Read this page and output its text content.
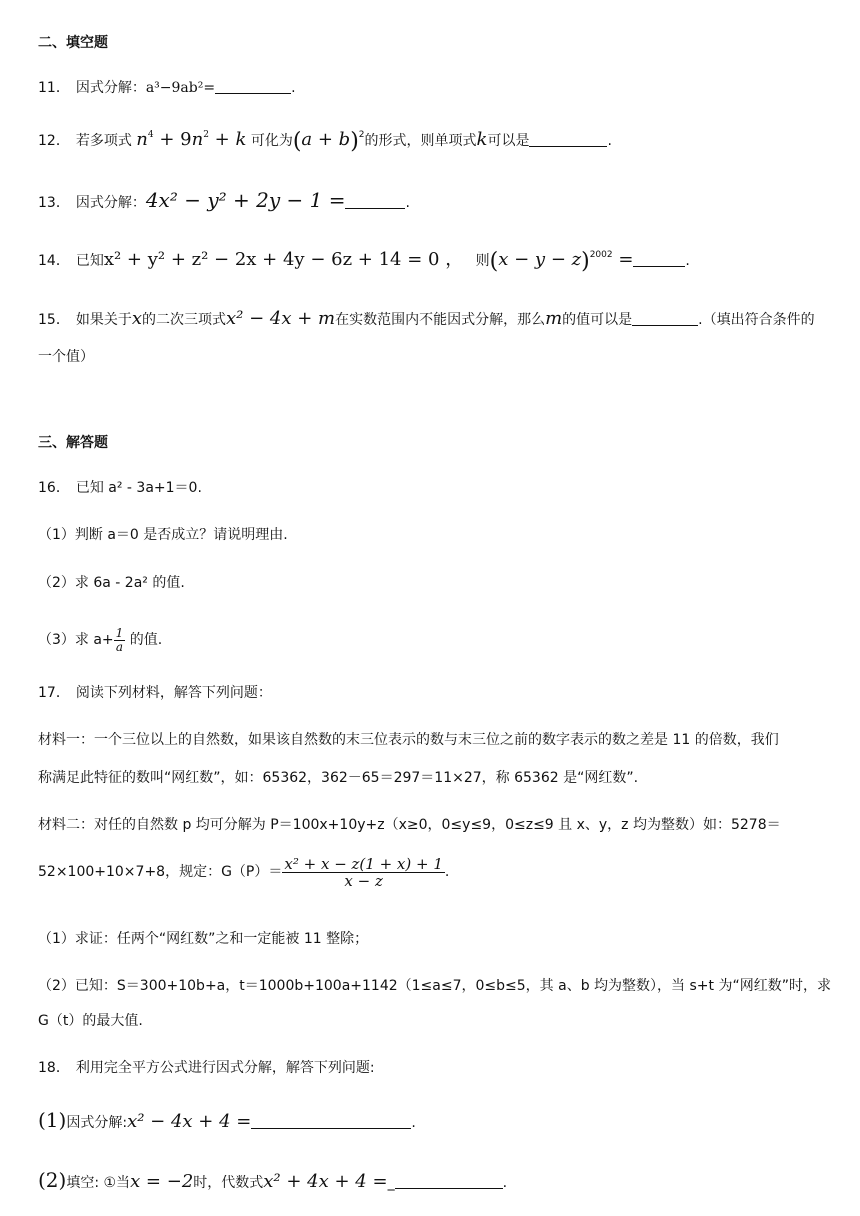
二、填空题
11． 因式分解：a³−9ab²=	.
12． 若多项式 $n^4 + 9n^2 + k$ 可化为$(a + b)^2$的形式，则单项式k可以是	.
13． 因式分解：4x² − y² + 2y − 1 =	.
14． 已知x² + y² + z² − 2x + 4y − 6z + 14 = 0 ， 则$(x - y - z)^{2002}$ =	.
15． 如果关于x的二次三项式x² − 4x + m在实数范围内不能因式分解，那么m的值可以是	.（填出符合条件的
一个值）
三、解答题
16． 已知 a² - 3a+1＝0.
（1）判断 a＝0 是否成立？请说明理由.
（2）求 6a - 2a² 的值.
（3）求 $a+ \frac{1}{a}$ 的值.
17． 阅读下列材料，解答下列问题：
材料一：一个三位以上的自然数，如果该自然数的末三位表示的数与末三位之前的数字表示的数之差是 11 的倍数，我们
称满足此特征的数叫“网红数”，如：65362，362－65＝297＝11×27，称 65362 是“网红数”.
材料二：对任的自然数 p 均可分解为 P＝100x+10y+z（x≥0，0≤y≤9，0≤z≤9 且 x、y，z 均为整数）如：5278＝
52×100+10×7+8，规定：$G(P)= \frac{\text{x² + x − z(1 + x) + 1}}{x - z}$ .
（1）求证：任两个“网红数”之和一定能被 11 整除；
（2）已知：S＝300+10b+a，t＝1000b+100a+1142（1≤a≤7，0≤b≤5，其 a、b 均为整数），当 s+t 为“网红数”时，求
G（t）的最大值.
18． 利用完全平方公式进行因式分解，解答下列问题:
(1)因式分解:x² − 4x + 4 =	.
(2)填空: ①当x = −2时，代数式x² + 4x + 4 =_	.
